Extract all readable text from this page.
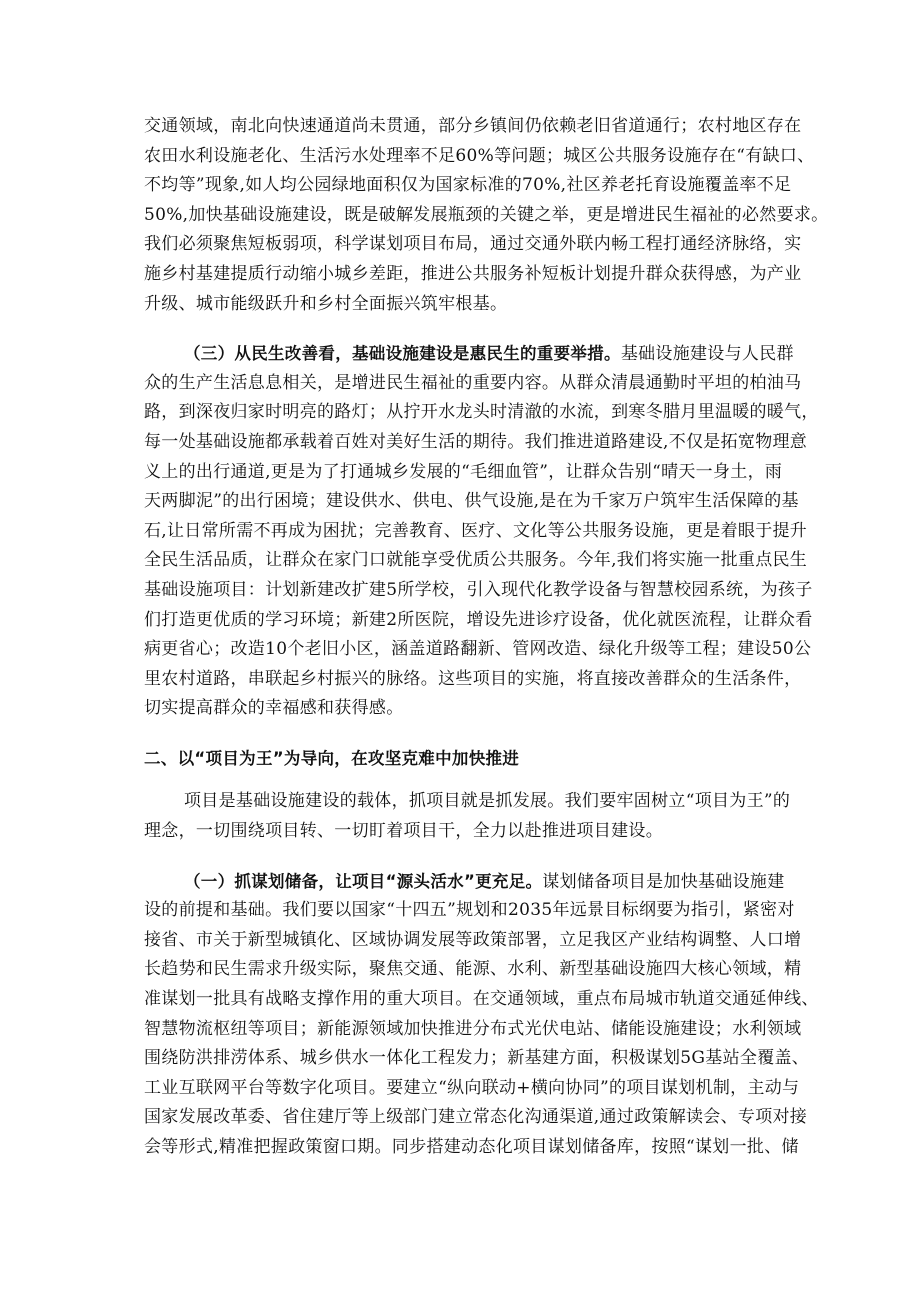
交通领域，南北向快速通道尚未贯通，部分乡镇间仍依赖老旧省道通行；农村地区存在
农田水利设施老化、生活污水处理率不足60%等问题；城区公共服务设施存在“有缺口、
不均等”现象,如人均公园绿地面积仅为国家标准的70%,社区养老托育设施覆盖率不足
50%,加快基础设施建设，既是破解发展瓶颈的关键之举，更是增进民生福祉的必然要求。
我们必须聚焦短板弱项，科学谋划项目布局，通过交通外联内畅工程打通经济脉络，实
施乡村基建提质行动缩小城乡差距，推进公共服务补短板计划提升群众获得感，为产业
升级、城市能级跃升和乡村全面振兴筑牢根基。
（三）从民生改善看，基础设施建设是惠民生的重要举措。基础设施建设与人民群
众的生产生活息息相关，是增进民生福祉的重要内容。从群众清晨通勤时平坦的柏油马
路，到深夜归家时明亮的路灯；从拧开水龙头时清澈的水流，到寒冬腊月里温暖的暖气，
每一处基础设施都承载着百姓对美好生活的期待。我们推进道路建设,不仅是拓宽物理意
义上的出行通道,更是为了打通城乡发展的“毛细血管”，让群众告别“晴天一身土，雨
天两脚泥”的出行困境；建设供水、供电、供气设施,是在为千家万户筑牢生活保障的基
石,让日常所需不再成为困扰；完善教育、医疗、文化等公共服务设施，更是着眼于提升
全民生活品质，让群众在家门口就能享受优质公共服务。今年,我们将实施一批重点民生
基础设施项目：计划新建改扩建5所学校，引入现代化教学设备与智慧校园系统，为孩子
们打造更优质的学习环境；新建2所医院，增设先进诊疗设备，优化就医流程，让群众看
病更省心；改造10个老旧小区，涵盖道路翻新、管网改造、绿化升级等工程；建设50公
里农村道路，串联起乡村振兴的脉络。这些项目的实施，将直接改善群众的生活条件，
切实提高群众的幸福感和获得感。
二、以“项目为王”为导向，在攻坚克难中加快推进
项目是基础设施建设的载体，抓项目就是抓发展。我们要牢固树立“项目为王”的
理念，一切围绕项目转、一切盯着项目干，全力以赴推进项目建设。
（一）抓谋划储备，让项目“源头活水”更充足。谋划储备项目是加快基础设施建
设的前提和基础。我们要以国家“十四五”规划和2035年远景目标纲要为指引，紧密对
接省、市关于新型城镇化、区域协调发展等政策部署，立足我区产业结构调整、人口增
长趋势和民生需求升级实际，聚焦交通、能源、水利、新型基础设施四大核心领域，精
准谋划一批具有战略支撑作用的重大项目。在交通领域，重点布局城市轨道交通延伸线、
智慧物流枢纽等项目；新能源领域加快推进分布式光伏电站、储能设施建设；水利领域
围绕防洪排涝体系、城乡供水一体化工程发力；新基建方面，积极谋划5G基站全覆盖、
工业互联网平台等数字化项目。要建立“纵向联动+横向协同”的项目谋划机制，主动与
国家发展改革委、省住建厅等上级部门建立常态化沟通渠道,通过政策解读会、专项对接
会等形式,精准把握政策窗口期。同步搭建动态化项目谋划储备库，按照“谋划一批、储
